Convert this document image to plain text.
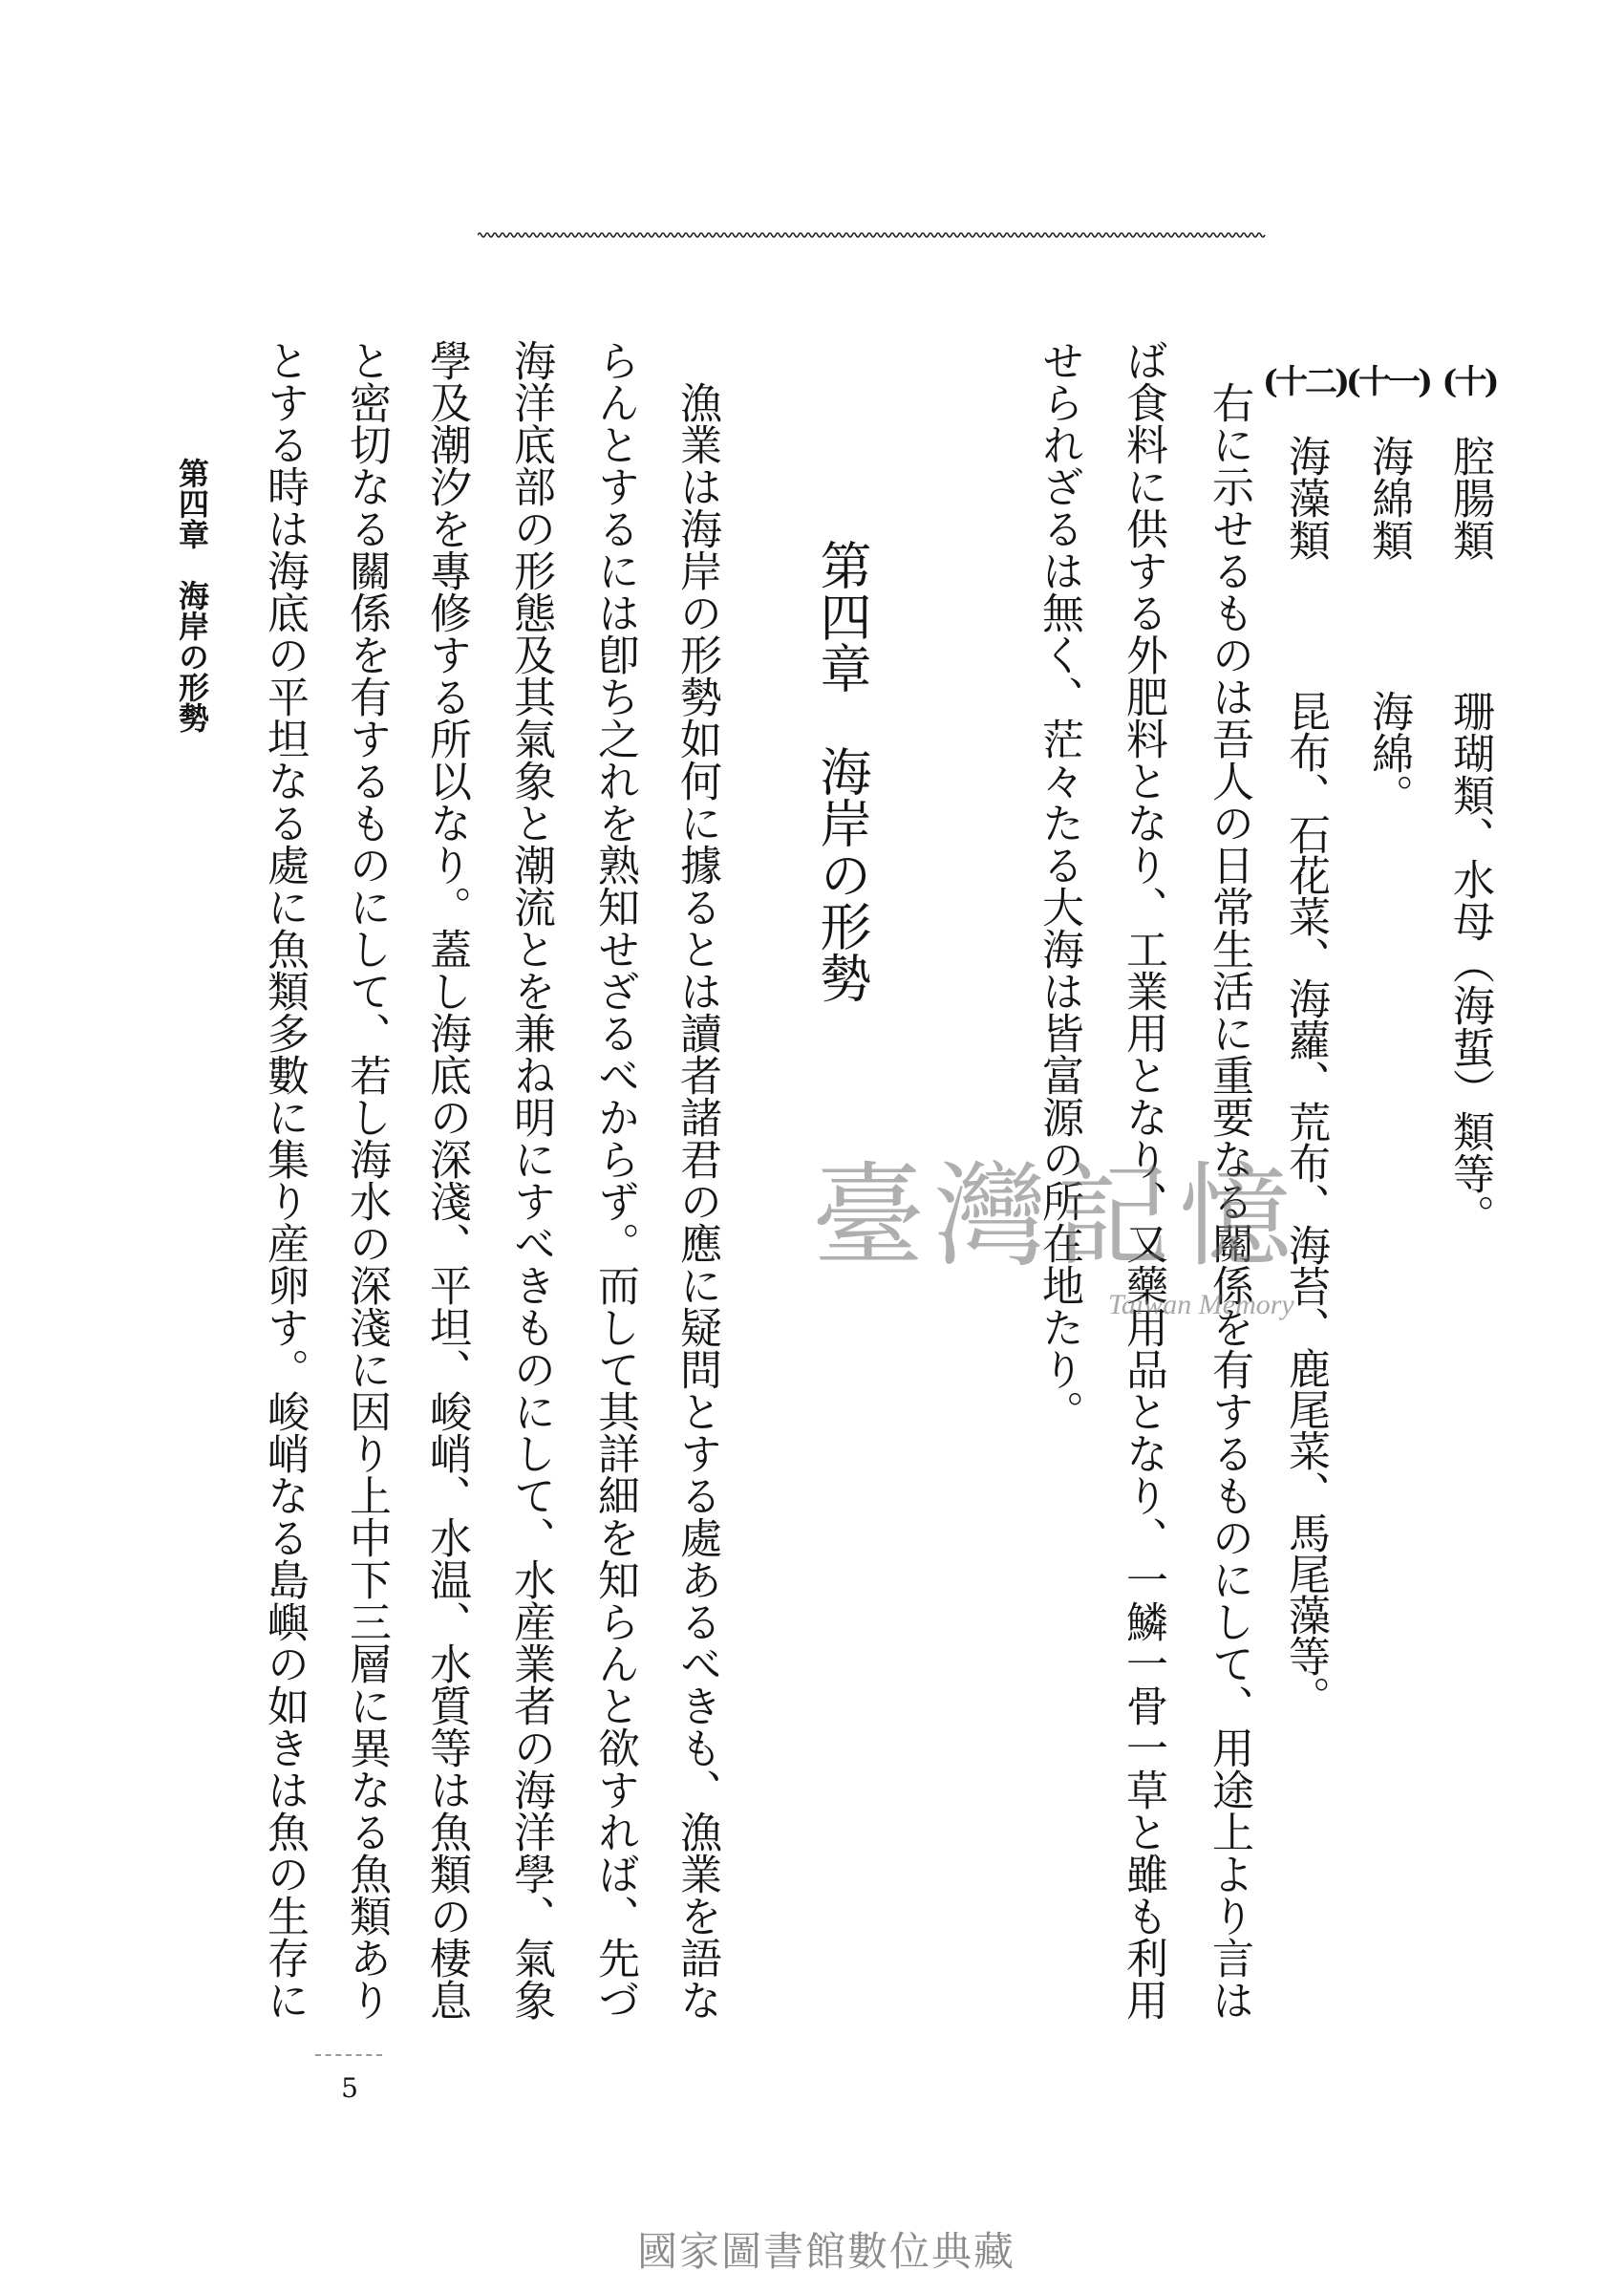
(十)
腔腸類
珊瑚類、水母（海蜇）類等。
(十一)
海綿類
海綿。
(十二)
海藻類
昆布、石花菜、海蘿、荒布、海苔、鹿尾菜、馬尾藻等。
右に示せるものは吾人の日常生活に重要なる關係を有するものにして、用途上より言は
ば食料に供する外肥料となり、工業用となり、又藥用品となり、一鱗一骨一草と雖も利用
せられざるは無く、茫々たる大海は皆富源の所在地たり。
第四章　海岸の形勢
漁業は海岸の形勢如何に據るとは讀者諸君の應に疑問とする處あるべきも、漁業を語な
らんとするには卽ち之れを熟知せざるべからず。而して其詳細を知らんと欲すれば、先づ
海洋底部の形態及其氣象と潮流とを兼ね明にすべきものにして、水産業者の海洋學、氣象
學及潮汐を專修する所以なり。蓋し海底の深淺、平坦、峻峭、水温、水質等は魚類の棲息
と密切なる關係を有するものにして、若し海水の深淺に因り上中下三層に異なる魚類あり
とする時は海底の平坦なる處に魚類多數に集り産卵す。峻峭なる島嶼の如きは魚の生存に
第四章　海岸の形勢
5
臺灣記憶
Taiwan Memory
國家圖書館數位典藏
